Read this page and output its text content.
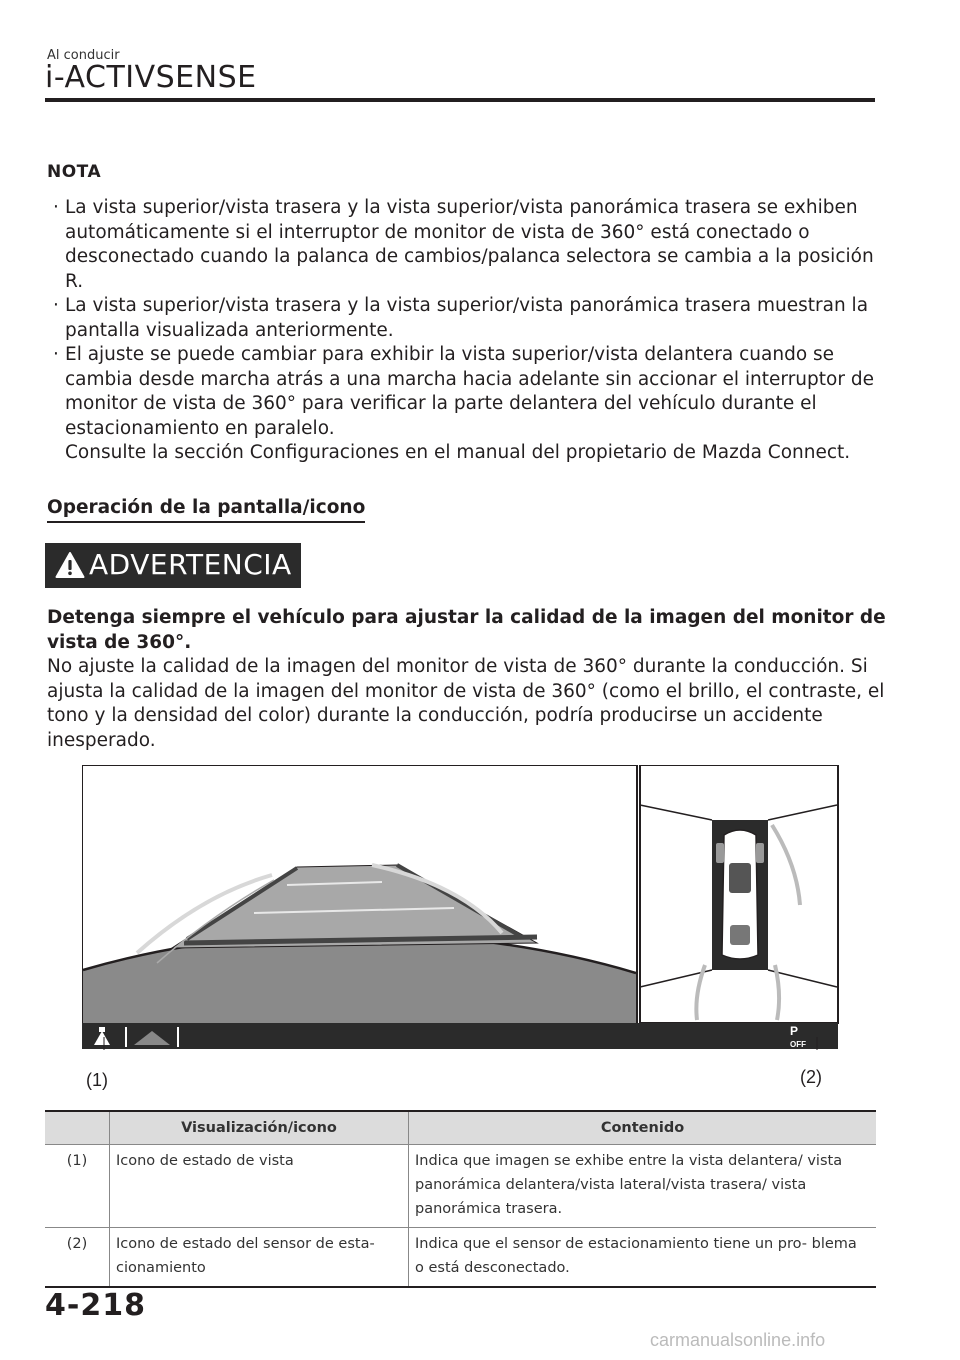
Al conducir
i-ACTIVSENSE
NOTA
· La vista superior/vista trasera y la vista superior/vista panorámica trasera se exhiben automáticamente si el interruptor de monitor de vista de 360° está conectado o desconectado cuando la palanca de cambios/palanca selectora se cambia a la posición R.
· La vista superior/vista trasera y la vista superior/vista panorámica trasera muestran la pantalla visualizada anteriormente.
· El ajuste se puede cambiar para exhibir la vista superior/vista delantera cuando se cambia desde marcha atrás a una marcha hacia adelante sin accionar el interruptor de monitor de vista de 360° para verificar la parte delantera del vehículo durante el estacionamiento en paralelo.
Consulte la sección Configuraciones en el manual del propietario de Mazda Connect.
Operación de la pantalla/icono
ADVERTENCIA
Detenga siempre el vehículo para ajustar la calidad de la imagen del monitor de vista de 360°.
No ajuste la calidad de la imagen del monitor de vista de 360° durante la conducción. Si ajusta la calidad de la imagen del monitor de vista de 360° (como el brillo, el contraste, el tono y la densidad del color) durante la conducción, podría producirse un accidente inesperado.
P
OFF
(1)	(2)
	Visualización/icono	Contenido
(1)	Icono de estado de vista	Indica que imagen se exhibe entre la vista delantera/ vista panorámica delantera/vista lateral/vista trasera/ vista panorámica trasera.
(2)	Icono de estado del sensor de esta- cionamiento	Indica que el sensor de estacionamiento tiene un pro- blema o está desconectado.
4-218
carmanualsonline.info
